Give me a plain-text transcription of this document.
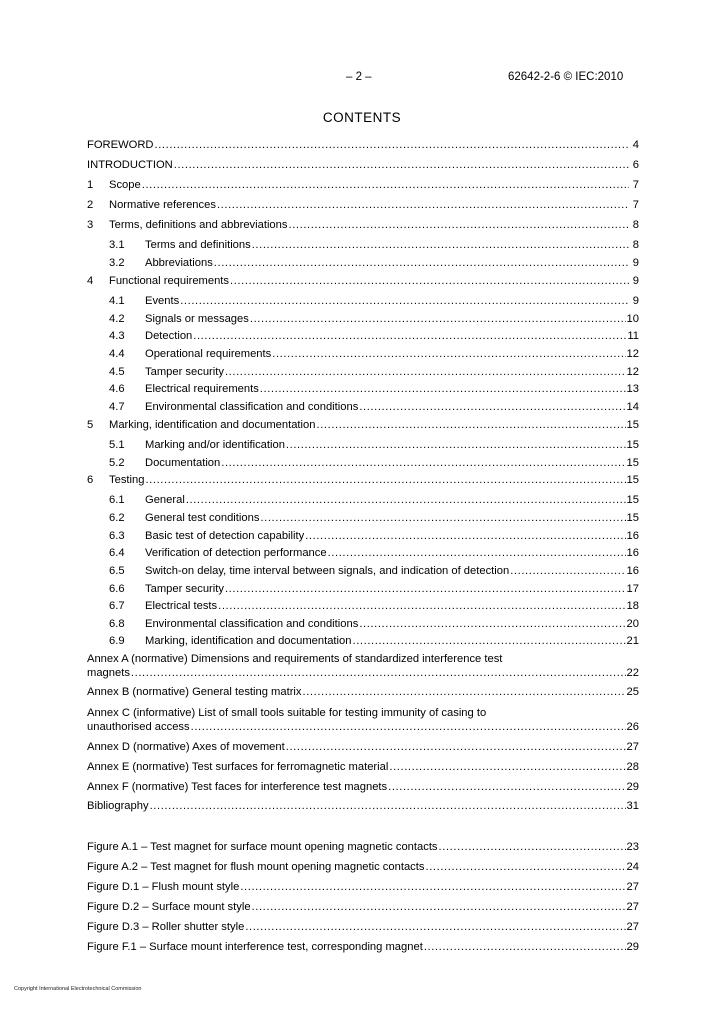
– 2 –	62642-2-6 © IEC:2010
CONTENTS
FOREWORD .....	4
INTRODUCTION .....	6
1	Scope .....	7
2	Normative references .....	7
3	Terms, definitions and abbreviations .....	8
3.1	Terms and definitions .....	8
3.2	Abbreviations .....	9
4	Functional requirements .....	9
4.1	Events .....	9
4.2	Signals or messages .....	10
4.3	Detection .....	11
4.4	Operational requirements .....	12
4.5	Tamper security .....	12
4.6	Electrical requirements .....	13
4.7	Environmental classification and conditions .....	14
5	Marking, identification and documentation .....	15
5.1	Marking and/or identification .....	15
5.2	Documentation .....	15
6	Testing .....	15
6.1	General .....	15
6.2	General test conditions .....	15
6.3	Basic test of detection capability .....	16
6.4	Verification of detection performance .....	16
6.5	Switch-on delay, time interval between signals, and indication of detection .....	16
6.6	Tamper security .....	17
6.7	Electrical tests .....	18
6.8	Environmental classification and conditions .....	20
6.9	Marking, identification and documentation .....	21
Annex A (normative) Dimensions and requirements of standardized interference test
magnets .....	22
Annex B (normative) General testing matrix .....	25
Annex C (informative) List of small tools suitable for testing immunity of casing to
unauthorised access .....	26
Annex D (normative) Axes of movement .....	27
Annex E (normative) Test surfaces for ferromagnetic material .....	28
Annex F (normative) Test faces for interference test magnets .....	29
Bibliography .....	31
Figure A.1 – Test magnet for surface mount opening magnetic contacts .....	23
Figure A.2 – Test magnet for flush mount opening magnetic contacts .....	24
Figure D.1 – Flush mount style .....	27
Figure D.2 – Surface mount style .....	27
Figure D.3 – Roller shutter style .....	27
Figure F.1 – Surface mount interference test, corresponding magnet .....	29
Copyright International Electrotechnical Commission
